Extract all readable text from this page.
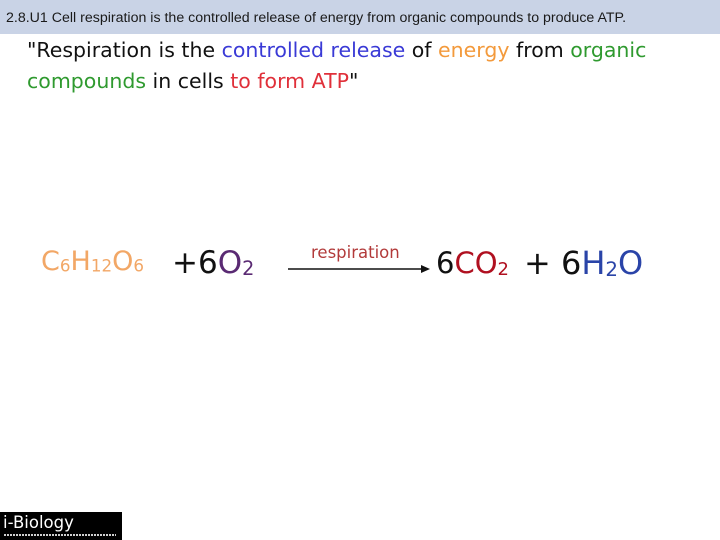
2.8.U1 Cell respiration is the controlled release of energy from organic compounds to produce ATP.
"Respiration is the controlled release of energy from organic compounds in cells to form ATP"
$C_6H_{12}O_6 +6O_2$
respiration $6CO_2 + 6H_2O$
i-Biology
